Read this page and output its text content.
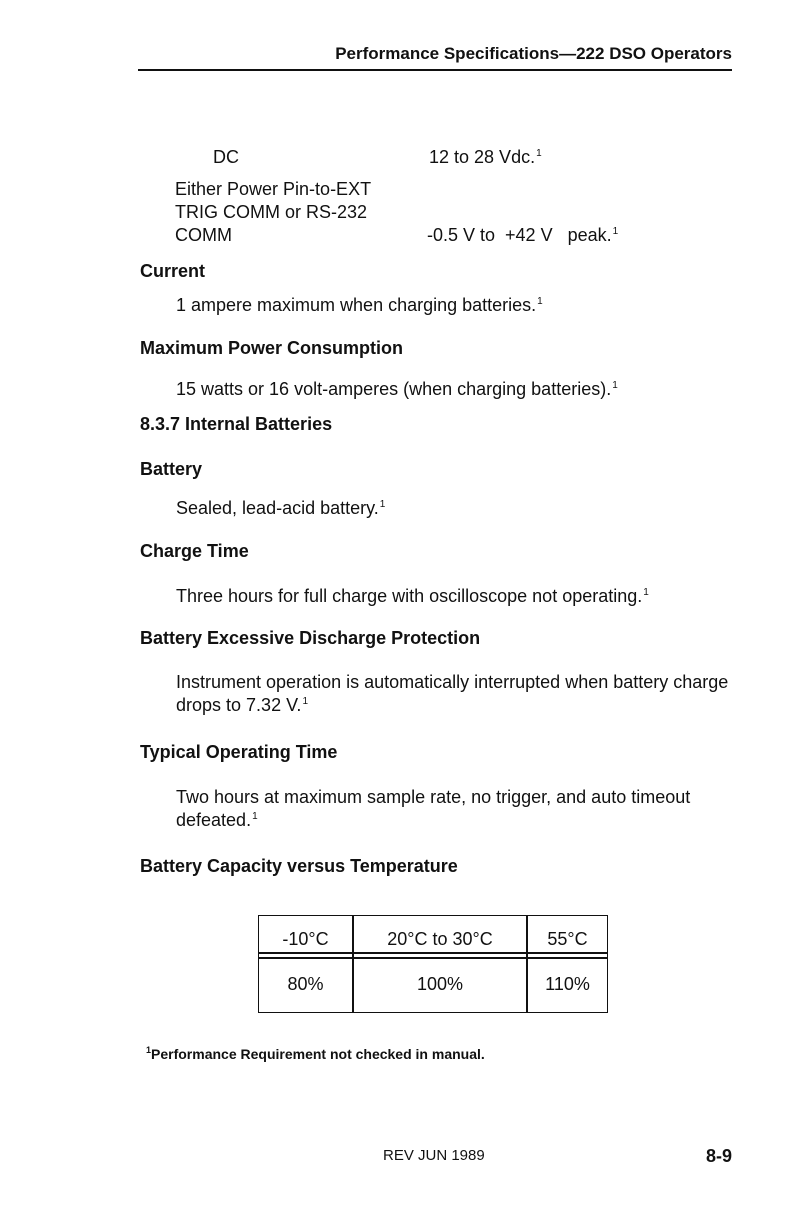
Performance Specifications—222 DSO Operators
DC	12 to 28 Vdc.$^1$
Either Power Pin-to-EXT
TRIG COMM or RS-232
COMM	-0.5 V to  +42 V   peak.$^1$
Current
1 ampere maximum when charging batteries.$^1$
Maximum Power Consumption
15 watts or 16 volt-amperes (when charging batteries).$^1$
8.3.7 Internal Batteries
Battery
Sealed, lead-acid battery.$^1$
Charge Time
Three hours for full charge with oscilloscope not operating.$^1$
Battery Excessive Discharge Protection
Instrument operation is automatically interrupted when battery charge drops to 7.32 V.$^1$
Typical Operating Time
Two hours at maximum sample rate, no trigger, and auto timeout defeated.$^1$
Battery Capacity versus Temperature
-10°C	20°C to 30°C	55°C
80%	100%	110%
$^1$Performance Requirement not checked in manual.
REV JUN 1989	8-9
